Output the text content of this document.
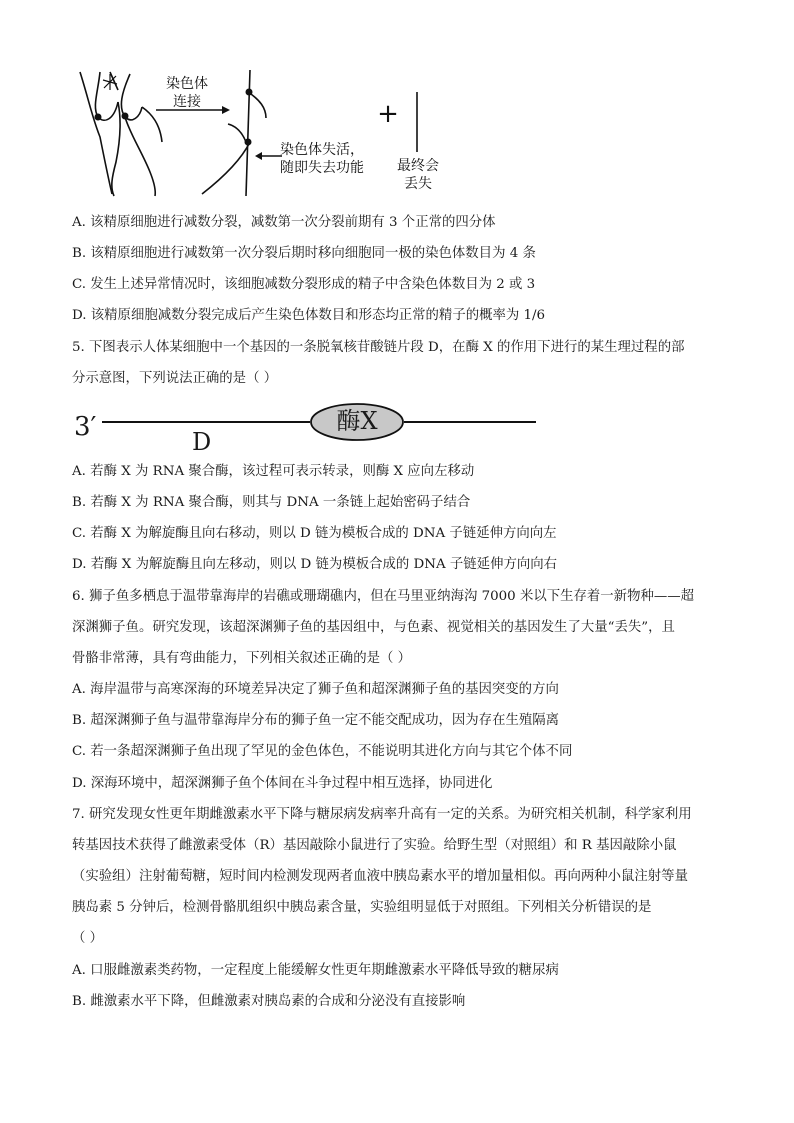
染色体
连接
染色体失活，
随即失去功能
+
最终会
丢失
A. 该精原细胞进行减数分裂，减数第一次分裂前期有 3 个正常的四分体
B. 该精原细胞进行减数第一次分裂后期时移向细胞同一极的染色体数目为 4 条
C. 发生上述异常情况时，该细胞减数分裂形成的精子中含染色体数目为 2 或 3
D. 该精原细胞减数分裂完成后产生染色体数目和形态均正常的精子的概率为 1/6
5. 下图表示人体某细胞中一个基因的一条脱氧核苷酸链片段 D，在酶 X 的作用下进行的某生理过程的部
分示意图，下列说法正确的是（ ）
3′	D
酶X
A. 若酶 X 为 RNA 聚合酶，该过程可表示转录，则酶 X 应向左移动
B. 若酶 X 为 RNA 聚合酶，则其与 DNA 一条链上起始密码子结合
C. 若酶 X 为解旋酶且向右移动，则以 D 链为模板合成的 DNA 子链延伸方向向左
D. 若酶 X 为解旋酶且向左移动，则以 D 链为模板合成的 DNA 子链延伸方向向右
6. 狮子鱼多栖息于温带靠海岸的岩礁或珊瑚礁内，但在马里亚纳海沟 7000 米以下生存着一新物种——超
深渊狮子鱼。研究发现，该超深渊狮子鱼的基因组中，与色素、视觉相关的基因发生了大量“丢失”，且
骨骼非常薄，具有弯曲能力，下列相关叙述正确的是（ ）
A. 海岸温带与高寒深海的环境差异决定了狮子鱼和超深渊狮子鱼的基因突变的方向
B. 超深渊狮子鱼与温带靠海岸分布的狮子鱼一定不能交配成功，因为存在生殖隔离
C. 若一条超深渊狮子鱼出现了罕见的金色体色，不能说明其进化方向与其它个体不同
D. 深海环境中，超深渊狮子鱼个体间在斗争过程中相互选择，协同进化
7. 研究发现女性更年期雌激素水平下降与糖尿病发病率升高有一定的关系。为研究相关机制，科学家利用
转基因技术获得了雌激素受体（R）基因敲除小鼠进行了实验。给野生型（对照组）和 R 基因敲除小鼠
（实验组）注射葡萄糖，短时间内检测发现两者血液中胰岛素水平的增加量相似。再向两种小鼠注射等量
胰岛素 5 分钟后，检测骨骼肌组织中胰岛素含量，实验组明显低于对照组。下列相关分析错误的是
（ ）
A. 口服雌激素类药物，一定程度上能缓解女性更年期雌激素水平降低导致的糖尿病
B. 雌激素水平下降，但雌激素对胰岛素的合成和分泌没有直接影响
